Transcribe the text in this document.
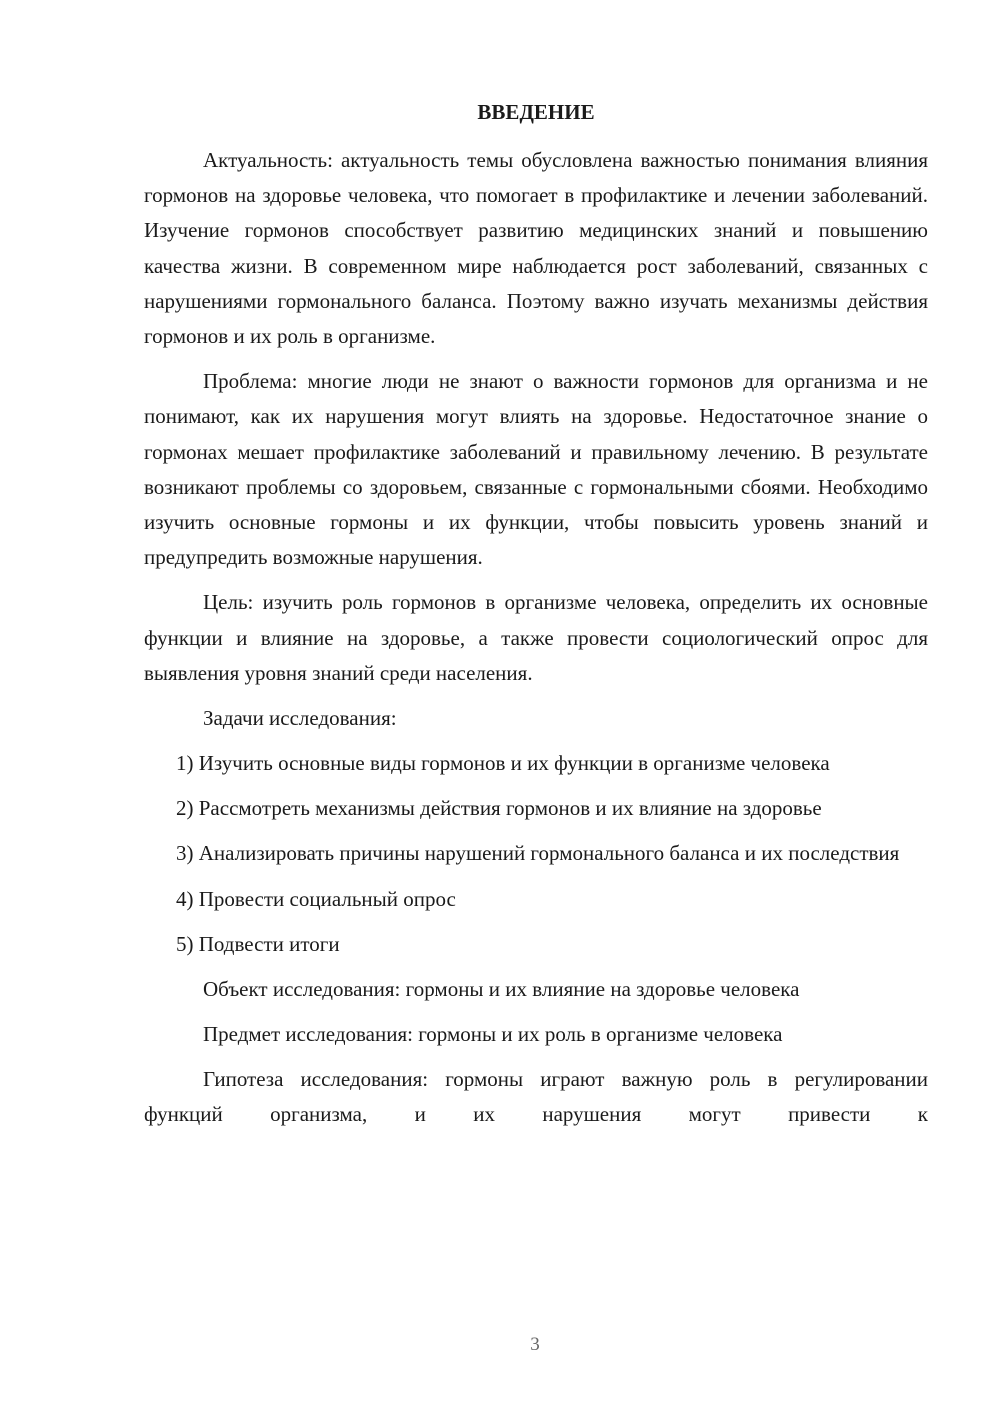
ВВЕДЕНИЕ

Актуальность: актуальность темы обусловлена важностью понимания влияния гормонов на здоровье человека, что помогает в профилактике и лечении заболеваний. Изучение гормонов способствует развитию медицинских знаний и повышению качества жизни. В современном мире наблюдается рост заболеваний, связанных с нарушениями гормонального баланса. Поэтому важно изучать механизмы действия гормонов и их роль в организме.

Проблема: многие люди не знают о важности гормонов для организма и не понимают, как их нарушения могут влиять на здоровье. Недостаточное знание о гормонах мешает профилактике заболеваний и правильному лечению. В результате возникают проблемы со здоровьем, связанные с гормональными сбоями. Необходимо изучить основные гормоны и их функции, чтобы повысить уровень знаний и предупредить возможные нарушения.

Цель: изучить роль гормонов в организме человека, определить их основные функции и влияние на здоровье, а также провести социологический опрос для выявления уровня знаний среди населения.

Задачи исследования:

1) Изучить основные виды гормонов и их функции в организме человека

2) Рассмотреть механизмы действия гормонов и их влияние на здоровье

3) Анализировать причины нарушений гормонального баланса и их последствия

4) Провести социальный опрос

5) Подвести итоги

Объект исследования: гормоны и их влияние на здоровье человека

Предмет исследования: гормоны и их роль в организме человека

Гипотеза исследования: гормоны играют важную роль в регулировании функций организма, и их нарушения могут привести к

3
